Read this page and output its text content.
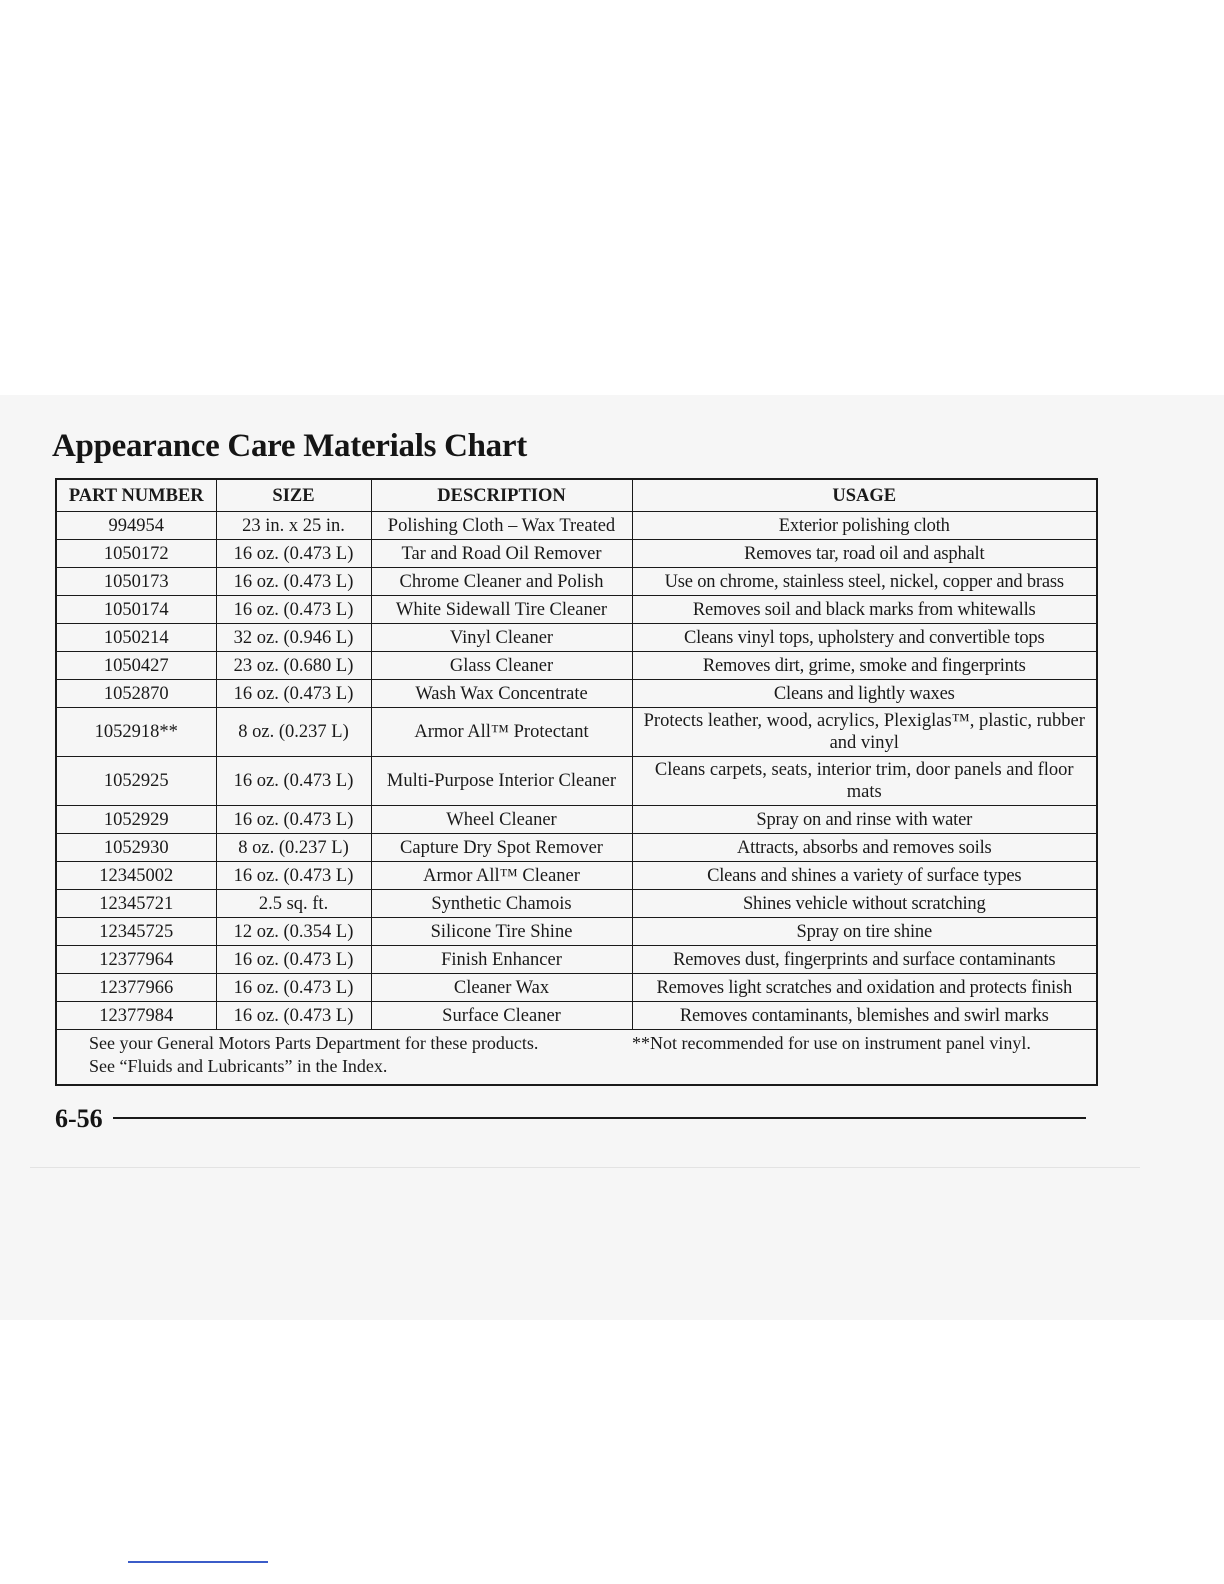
Appearance Care Materials Chart
PART NUMBER	SIZE	DESCRIPTION	USAGE
994954	23 in. x 25 in.	Polishing Cloth – Wax Treated	Exterior polishing cloth
1050172	16 oz. (0.473 L)	Tar and Road Oil Remover	Removes tar, road oil and asphalt
1050173	16 oz. (0.473 L)	Chrome Cleaner and Polish	Use on chrome, stainless steel, nickel, copper and brass
1050174	16 oz. (0.473 L)	White Sidewall Tire Cleaner	Removes soil and black marks from whitewalls
1050214	32 oz. (0.946 L)	Vinyl Cleaner	Cleans vinyl tops, upholstery and convertible tops
1050427	23 oz. (0.680 L)	Glass Cleaner	Removes dirt, grime, smoke and fingerprints
1052870	16 oz. (0.473 L)	Wash Wax Concentrate	Cleans and lightly waxes
1052918**	8 oz. (0.237 L)	Armor All™ Protectant	Protects leather, wood, acrylics, Plexiglas™, plastic, rubber and vinyl
1052925	16 oz. (0.473 L)	Multi-Purpose Interior Cleaner	Cleans carpets, seats, interior trim, door panels and floor mats
1052929	16 oz. (0.473 L)	Wheel Cleaner	Spray on and rinse with water
1052930	8 oz. (0.237 L)	Capture Dry Spot Remover	Attracts, absorbs and removes soils
12345002	16 oz. (0.473 L)	Armor All™ Cleaner	Cleans and shines a variety of surface types
12345721	2.5 sq. ft.	Synthetic Chamois	Shines vehicle without scratching
12345725	12 oz. (0.354 L)	Silicone Tire Shine	Spray on tire shine
12377964	16 oz. (0.473 L)	Finish Enhancer	Removes dust, fingerprints and surface contaminants
12377966	16 oz. (0.473 L)	Cleaner Wax	Removes light scratches and oxidation and protects finish
12377984	16 oz. (0.473 L)	Surface Cleaner	Removes contaminants, blemishes and swirl marks

See your General Motors Parts Department for these products.
See “Fluids and Lubricants” in the Index.			**Not recommended for use on instrument panel vinyl.
6-56
